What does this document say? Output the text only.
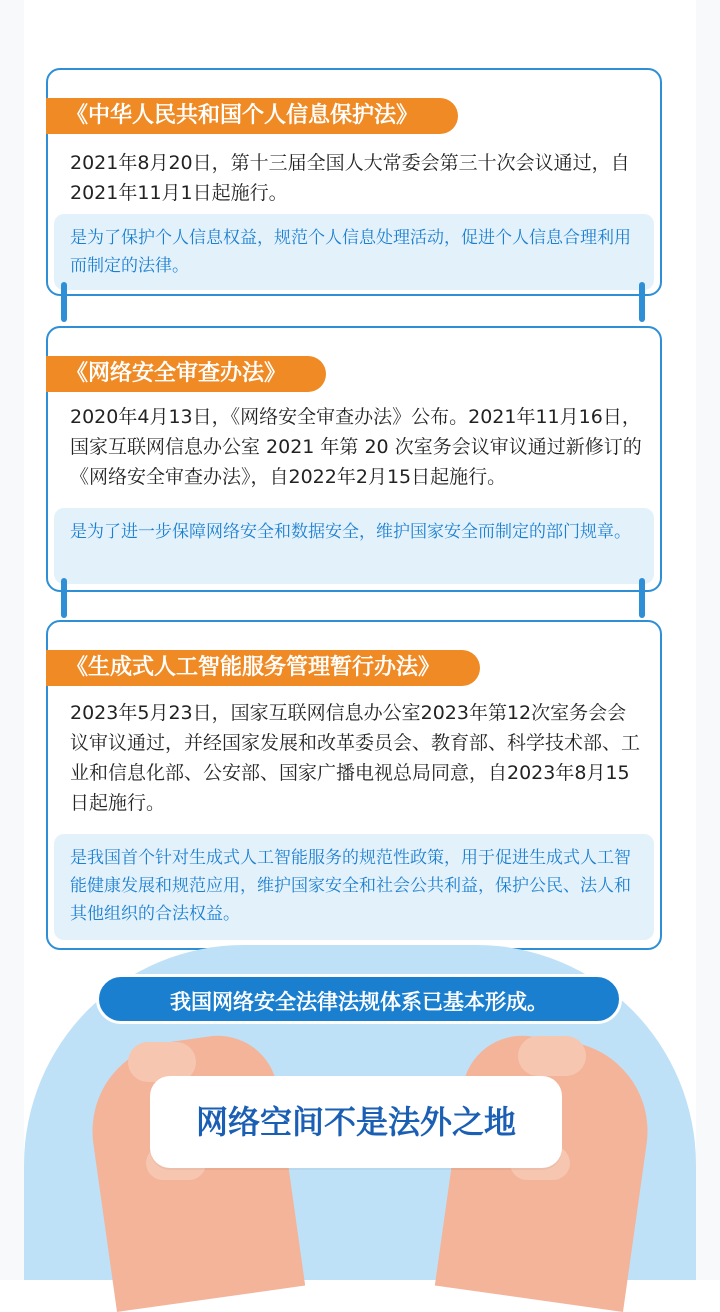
《中华人民共和国个人信息保护法》
2021年8月20日，第十三届全国人大常委会第三十次会议通过，自2021年11月1日起施行。
是为了保护个人信息权益，规范个人信息处理活动，促进个人信息合理利用而制定的法律。
《网络安全审查办法》
2020年4月13日，《网络安全审查办法》公布。2021年11月16日，国家互联网信息办公室 2021 年第 20 次室务会议审议通过新修订的《网络安全审查办法》，自2022年2月15日起施行。
是为了进一步保障网络安全和数据安全，维护国家安全而制定的部门规章。
《生成式人工智能服务管理暂行办法》
2023年5月23日，国家互联网信息办公室2023年第12次室务会会议审议通过，并经国家发展和改革委员会、教育部、科学技术部、工业和信息化部、公安部、国家广播电视总局同意，自2023年8月15日起施行。
是我国首个针对生成式人工智能服务的规范性政策，用于促进生成式人工智能健康发展和规范应用，维护国家安全和社会公共利益，保护公民、法人和其他组织的合法权益。
网络空间不是法外之地
我国网络安全法律法规体系已基本形成。
